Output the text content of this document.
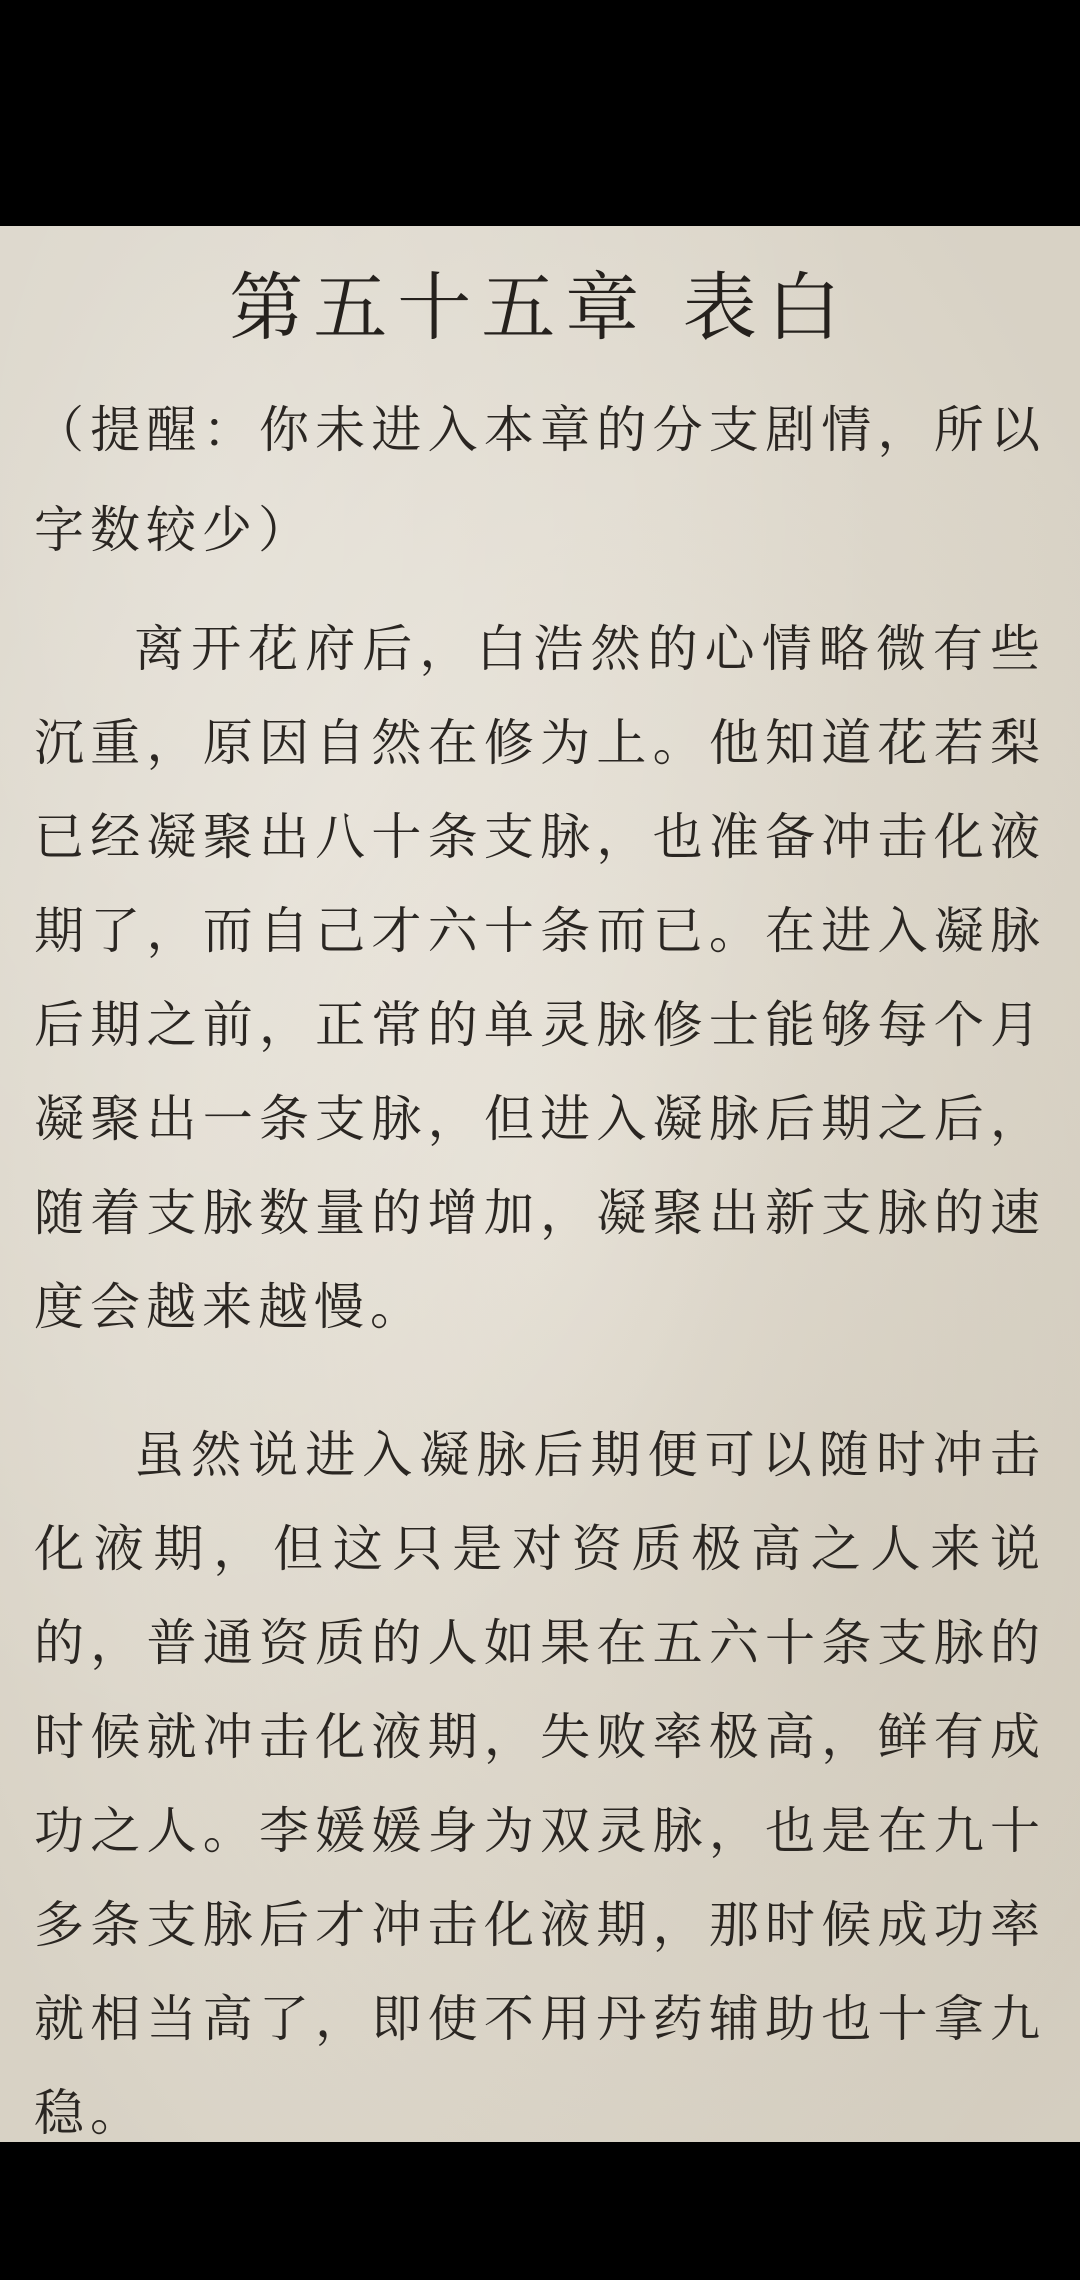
第五十五章 表白

（提醒：你未进入本章的分支剧情，所以字数较少）

离开花府后，白浩然的心情略微有些沉重，原因自然在修为上。他知道花若梨已经凝聚出八十条支脉，也准备冲击化液期了，而自己才六十条而已。在进入凝脉后期之前，正常的单灵脉修士能够每个月凝聚出一条支脉，但进入凝脉后期之后，随着支脉数量的增加，凝聚出新支脉的速度会越来越慢。

虽然说进入凝脉后期便可以随时冲击化液期，但这只是对资质极高之人来说的，普通资质的人如果在五六十条支脉的时候就冲击化液期，失败率极高，鲜有成功之人。李媛媛身为双灵脉，也是在九十多条支脉后才冲击化液期，那时候成功率就相当高了，即使不用丹药辅助也十拿九稳。
